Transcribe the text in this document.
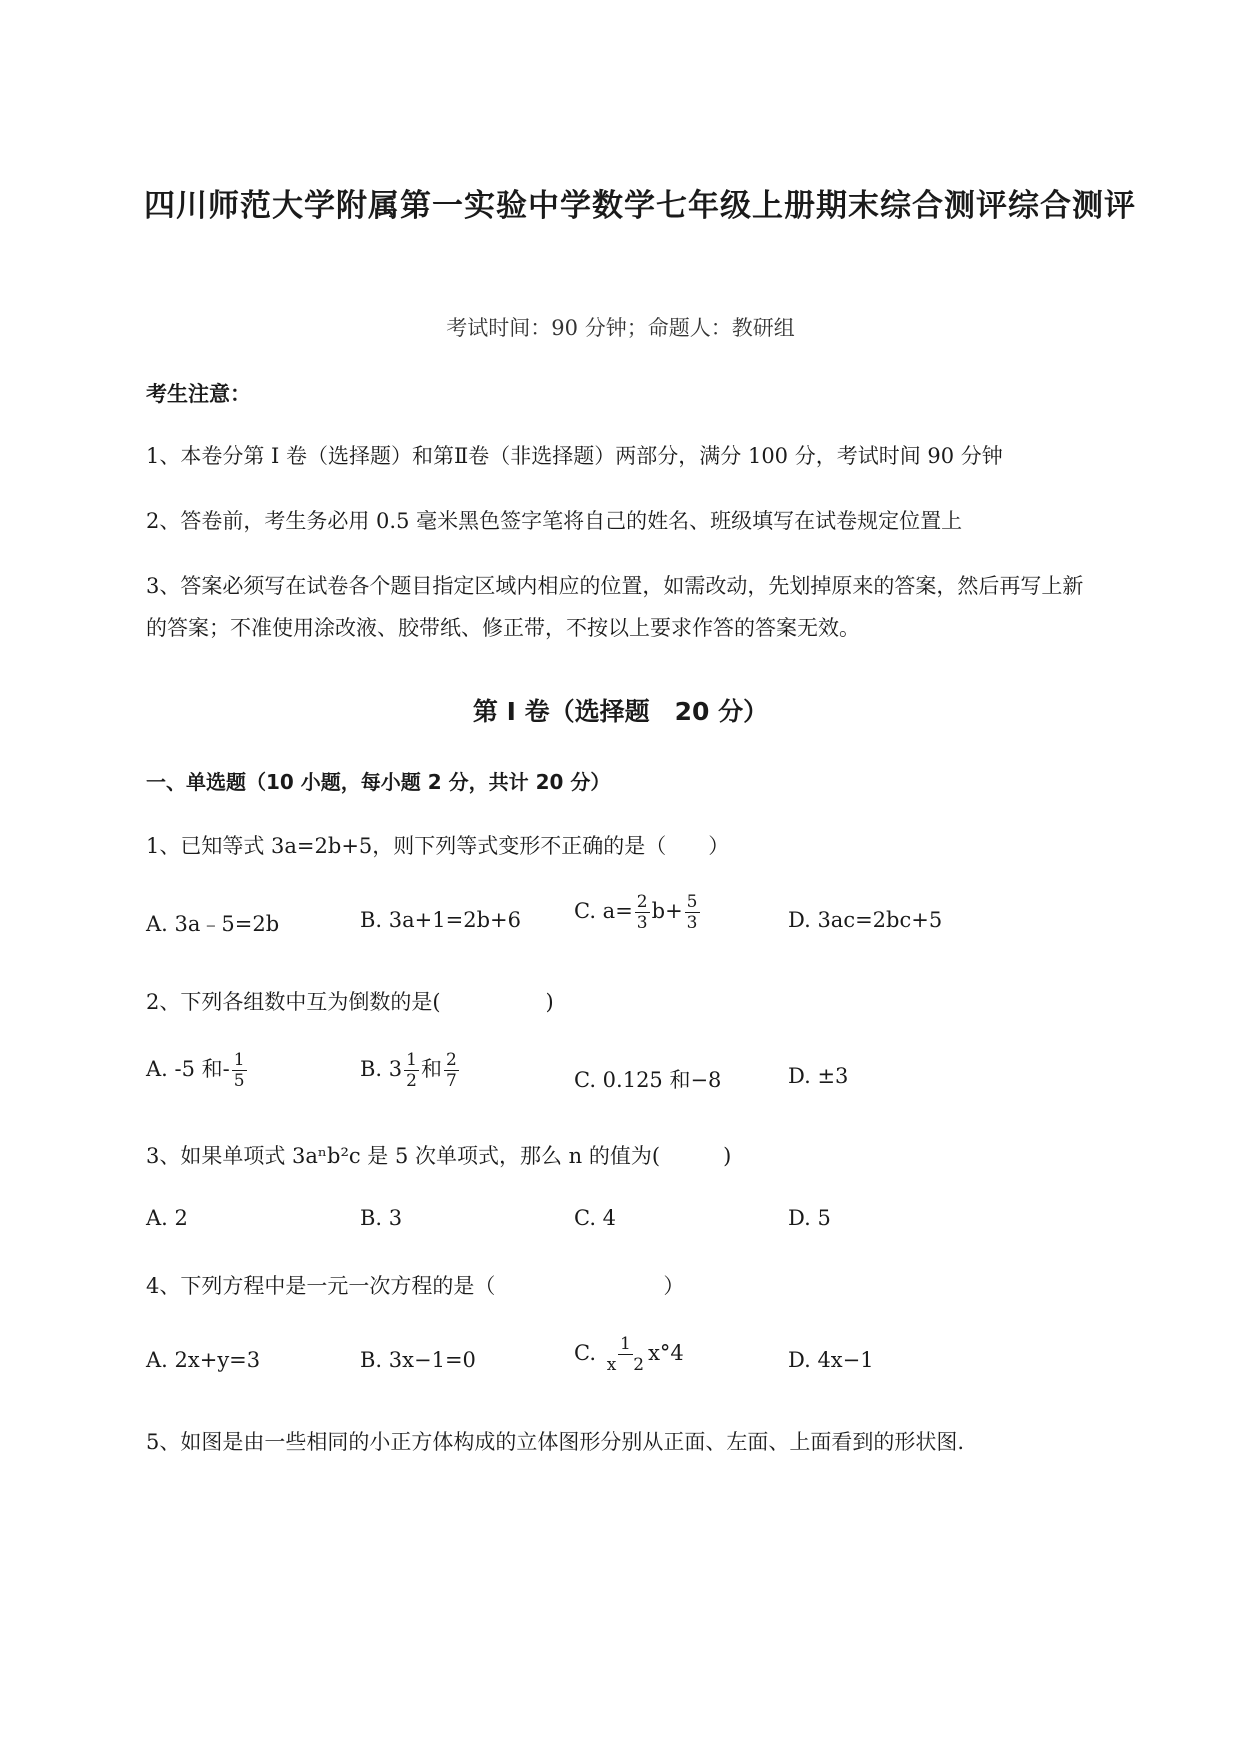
四川师范大学附属第一实验中学数学七年级上册期末综合测评综合测评
考试时间：90 分钟；命题人：教研组
考生注意：
1、本卷分第 I 卷（选择题）和第Ⅱ卷（非选择题）两部分，满分 100 分，考试时间 90 分钟
2、答卷前，考生务必用 0.5 毫米黑色签字笔将自己的姓名、班级填写在试卷规定位置上
3、答案必须写在试卷各个题目指定区域内相应的位置，如需改动，先划掉原来的答案，然后再写上新
的答案；不准使用涂改液、胶带纸、修正带，不按以上要求作答的答案无效。
第 I 卷（选择题　20 分）
一、单选题（10 小题，每小题 2 分，共计 20 分）
1、已知等式 3a=2b+5，则下列等式变形不正确的是（　　）
A. 3a﹣5=2b	B. 3a+1=2b+6	C. $a= \frac{2}{3} b+ \frac{5}{3}$	D. 3ac=2bc+5
2、下列各组数中互为倒数的是(　　　　　)
A. -5 和- $\frac{1}{5}$	B. $3 \frac{1}{2}$ 和 $\frac{2}{7}$	C. 0.125 和−8	D. ±3
3、如果单项式 3aⁿb²c 是 5 次单项式，那么 n 的值为(　　　)
A. 2	B. 3	C. 4	D. 5
4、下列方程中是一元一次方程的是（　　　　　　　　）
A. 2x+y=3	B. 3x−1=0	C. $\frac{1}{x 2} x^\circ 4$	D. 4x−1
5、如图是由一些相同的小正方体构成的立体图形分别从正面、左面、上面看到的形状图.
